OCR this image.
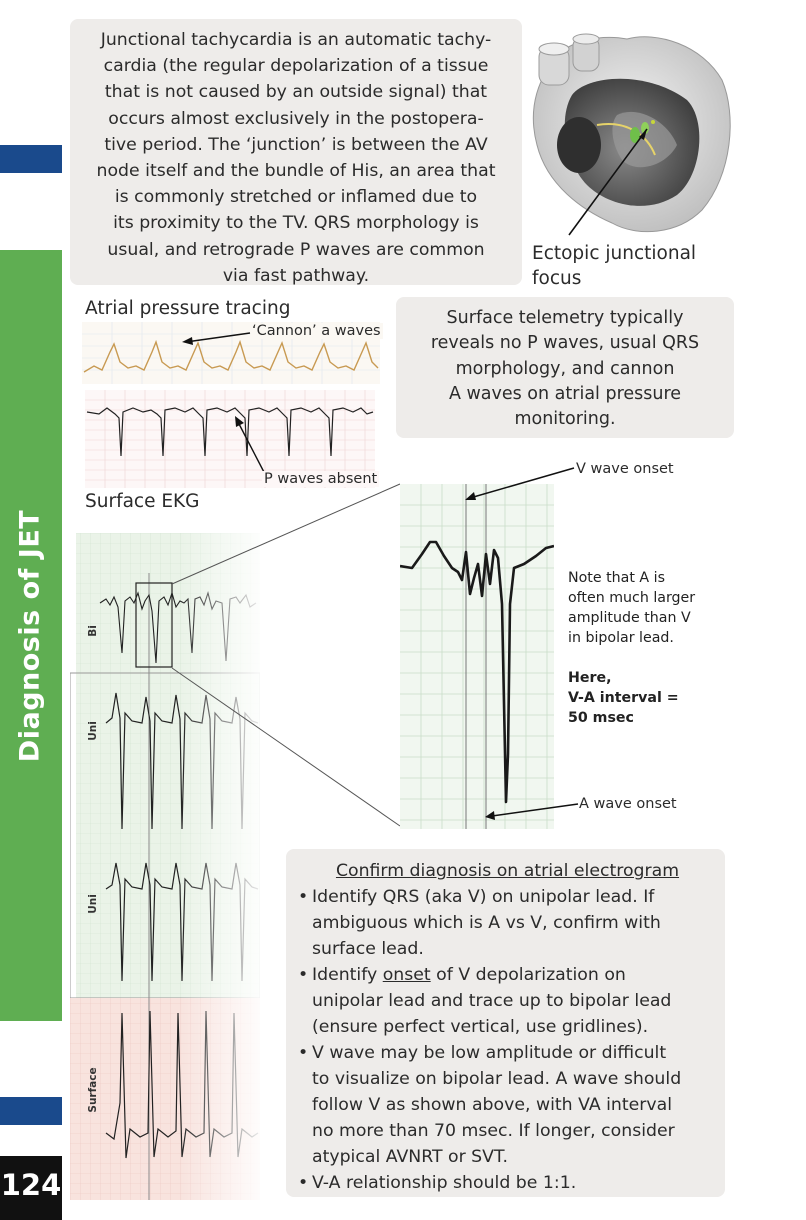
Diagnosis of JET
124
Junctional tachycardia is an automatic tachy-
cardia (the regular depolarization of a tissue
that is not caused by an outside signal) that
occurs almost exclusively in the postopera-
tive period. The ‘junction’ is between the AV
node itself and the bundle of His, an area that
is commonly stretched or inflamed due to
its proximity to the TV. QRS morphology is
usual, and retrograde P waves are common
via fast pathway.
Ectopic junctional
focus
Atrial pressure tracing
‘Cannon’ a waves
P waves absent
Surface EKG
Surface telemetry typically
reveals no P waves, usual QRS
morphology, and cannon
A waves on atrial pressure
monitoring.
Bi
Uni
Uni
Surface
V wave onset
A wave onset
Note that A is
often much larger
amplitude than V
in bipolar lead.
Here,
V-A interval =
50 msec
Confirm diagnosis on atrial electrogram
• Identify QRS (aka V) on unipolar lead. If
ambiguous which is A vs V, confirm with
surface lead.
• Identify onset of V depolarization on
unipolar lead and trace up to bipolar lead
(ensure perfect vertical, use gridlines).
• V wave may be low amplitude or difficult
to visualize on bipolar lead. A wave should
follow V as shown above, with VA interval
no more than 70 msec. If longer, consider
atypical AVNRT or SVT.
• V-A relationship should be 1:1.
